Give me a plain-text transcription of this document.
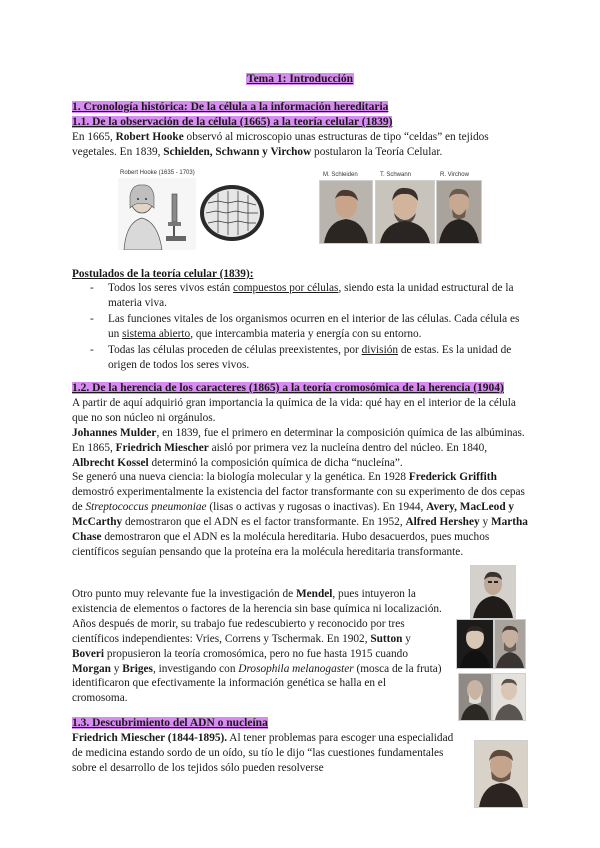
Tema 1: Introducción
1. Cronología histórica: De la célula a la información hereditaria
1.1. De la observación de la célula (1665) a la teoría celular (1839)
En 1665, Robert Hooke observó al microscopio unas estructuras de tipo “celdas” en tejidos vegetales. En 1839, Schielden, Schwann y Virchow postularon la Teoría Celular.
Robert Hooke (1635 - 1703)	M. Schleiden	T. Schwann	R. Virchow
Postulados de la teoría celular (1839):
- Todos los seres vivos están compuestos por células, siendo esta la unidad estructural de la materia viva.
- Las funciones vitales de los organismos ocurren en el interior de las células. Cada célula es un sistema abierto, que intercambia materia y energía con su entorno.
- Todas las células proceden de células preexistentes, por división de estas. Es la unidad de origen de todos los seres vivos.
1.2. De la herencia de los caracteres (1865) a la teoría cromosómica de la herencia (1904)
A partir de aquí adquirió gran importancia la química de la vida: qué hay en el interior de la célula que no son núcleo ni orgánulos.
Johannes Mulder, en 1839, fue el primero en determinar la composición química de las albúminas. En 1865, Friedrich Miescher aisló por primera vez la nucleína dentro del núcleo. En 1840, Albrecht Kossel determinó la composición química de dicha “nucleína”.
Se generó una nueva ciencia: la biología molecular y la genética. En 1928 Frederick Griffith demostró experimentalmente la existencia del factor transformante con su experimento de dos cepas de Streptococcus pneumoniae (lisas o activas y rugosas o inactivas). En 1944, Avery, MacLeod y McCarthy demostraron que el ADN es el factor transformante. En 1952, Alfred Hershey y Martha Chase demostraron que el ADN es la molécula hereditaria. Hubo desacuerdos, pues muchos científicos seguían pensando que la proteína era la molécula hereditaria transformante.
Otro punto muy relevante fue la investigación de Mendel, pues intuyeron la existencia de elementos o factores de la herencia sin base química ni localización. Años después de morir, su trabajo fue redescubierto y reconocido por tres científicos independientes: Vries, Correns y Tschermak. En 1902, Sutton y Boveri propusieron la teoría cromosómica, pero no fue hasta 1915 cuando Morgan y Briges, investigando con Drosophila melanogaster (mosca de la fruta) identificaron que efectivamente la información genética se halla en el cromosoma.
1.3. Descubrimiento del ADN o nucleína
Friedrich Miescher (1844-1895). Al tener problemas para escoger una especialidad de medicina estando sordo de un oído, su tío le dijo “las cuestiones fundamentales sobre el desarrollo de los tejidos sólo pueden resolverse
